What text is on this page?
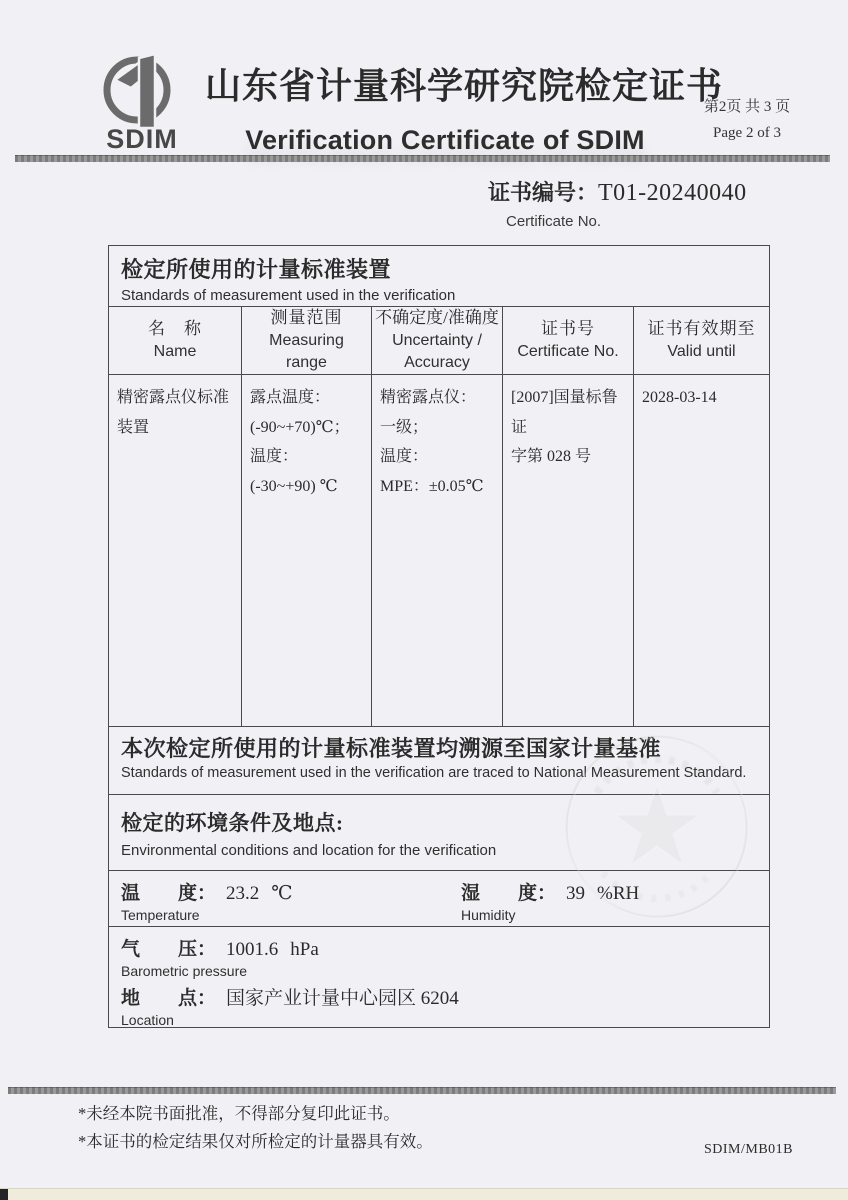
SDIM
山东省计量科学研究院检定证书
Verification Certificate of SDIM
第2页 共 3 页
Page 2 of 3
证书编号：T01-20240040
Certificate No.
检定所使用的计量标准装置
Standards of measurement used in the verification
名　称
Name
测量范围
Measuring range
不确定度/准确度
Uncertainty / Accuracy
证书号
Certificate No.
证书有效期至
Valid until
精密露点仪标准装置
露点温度：
(-90~+70)℃；
温度：
(-30~+90) ℃
精密露点仪：
一级；
温度：
MPE：±0.05℃
[2007]国量标鲁证
字第 028 号
2028-03-14
本次检定所使用的计量标准装置均溯源至国家计量基准
Standards of measurement used in the verification are traced to National Measurement Standard.
检定的环境条件及地点:
Environmental conditions and location for the verification
温　　度： 23.2 ℃
Temperature
湿　　度： 39 %RH
Humidity
气　　压： 1001.6 hPa
Barometric pressure
地　　点： 国家产业计量中心园区 6204
Location
*未经本院书面批准，不得部分复印此证书。
*本证书的检定结果仅对所检定的计量器具有效。	SDIM/MB01B
